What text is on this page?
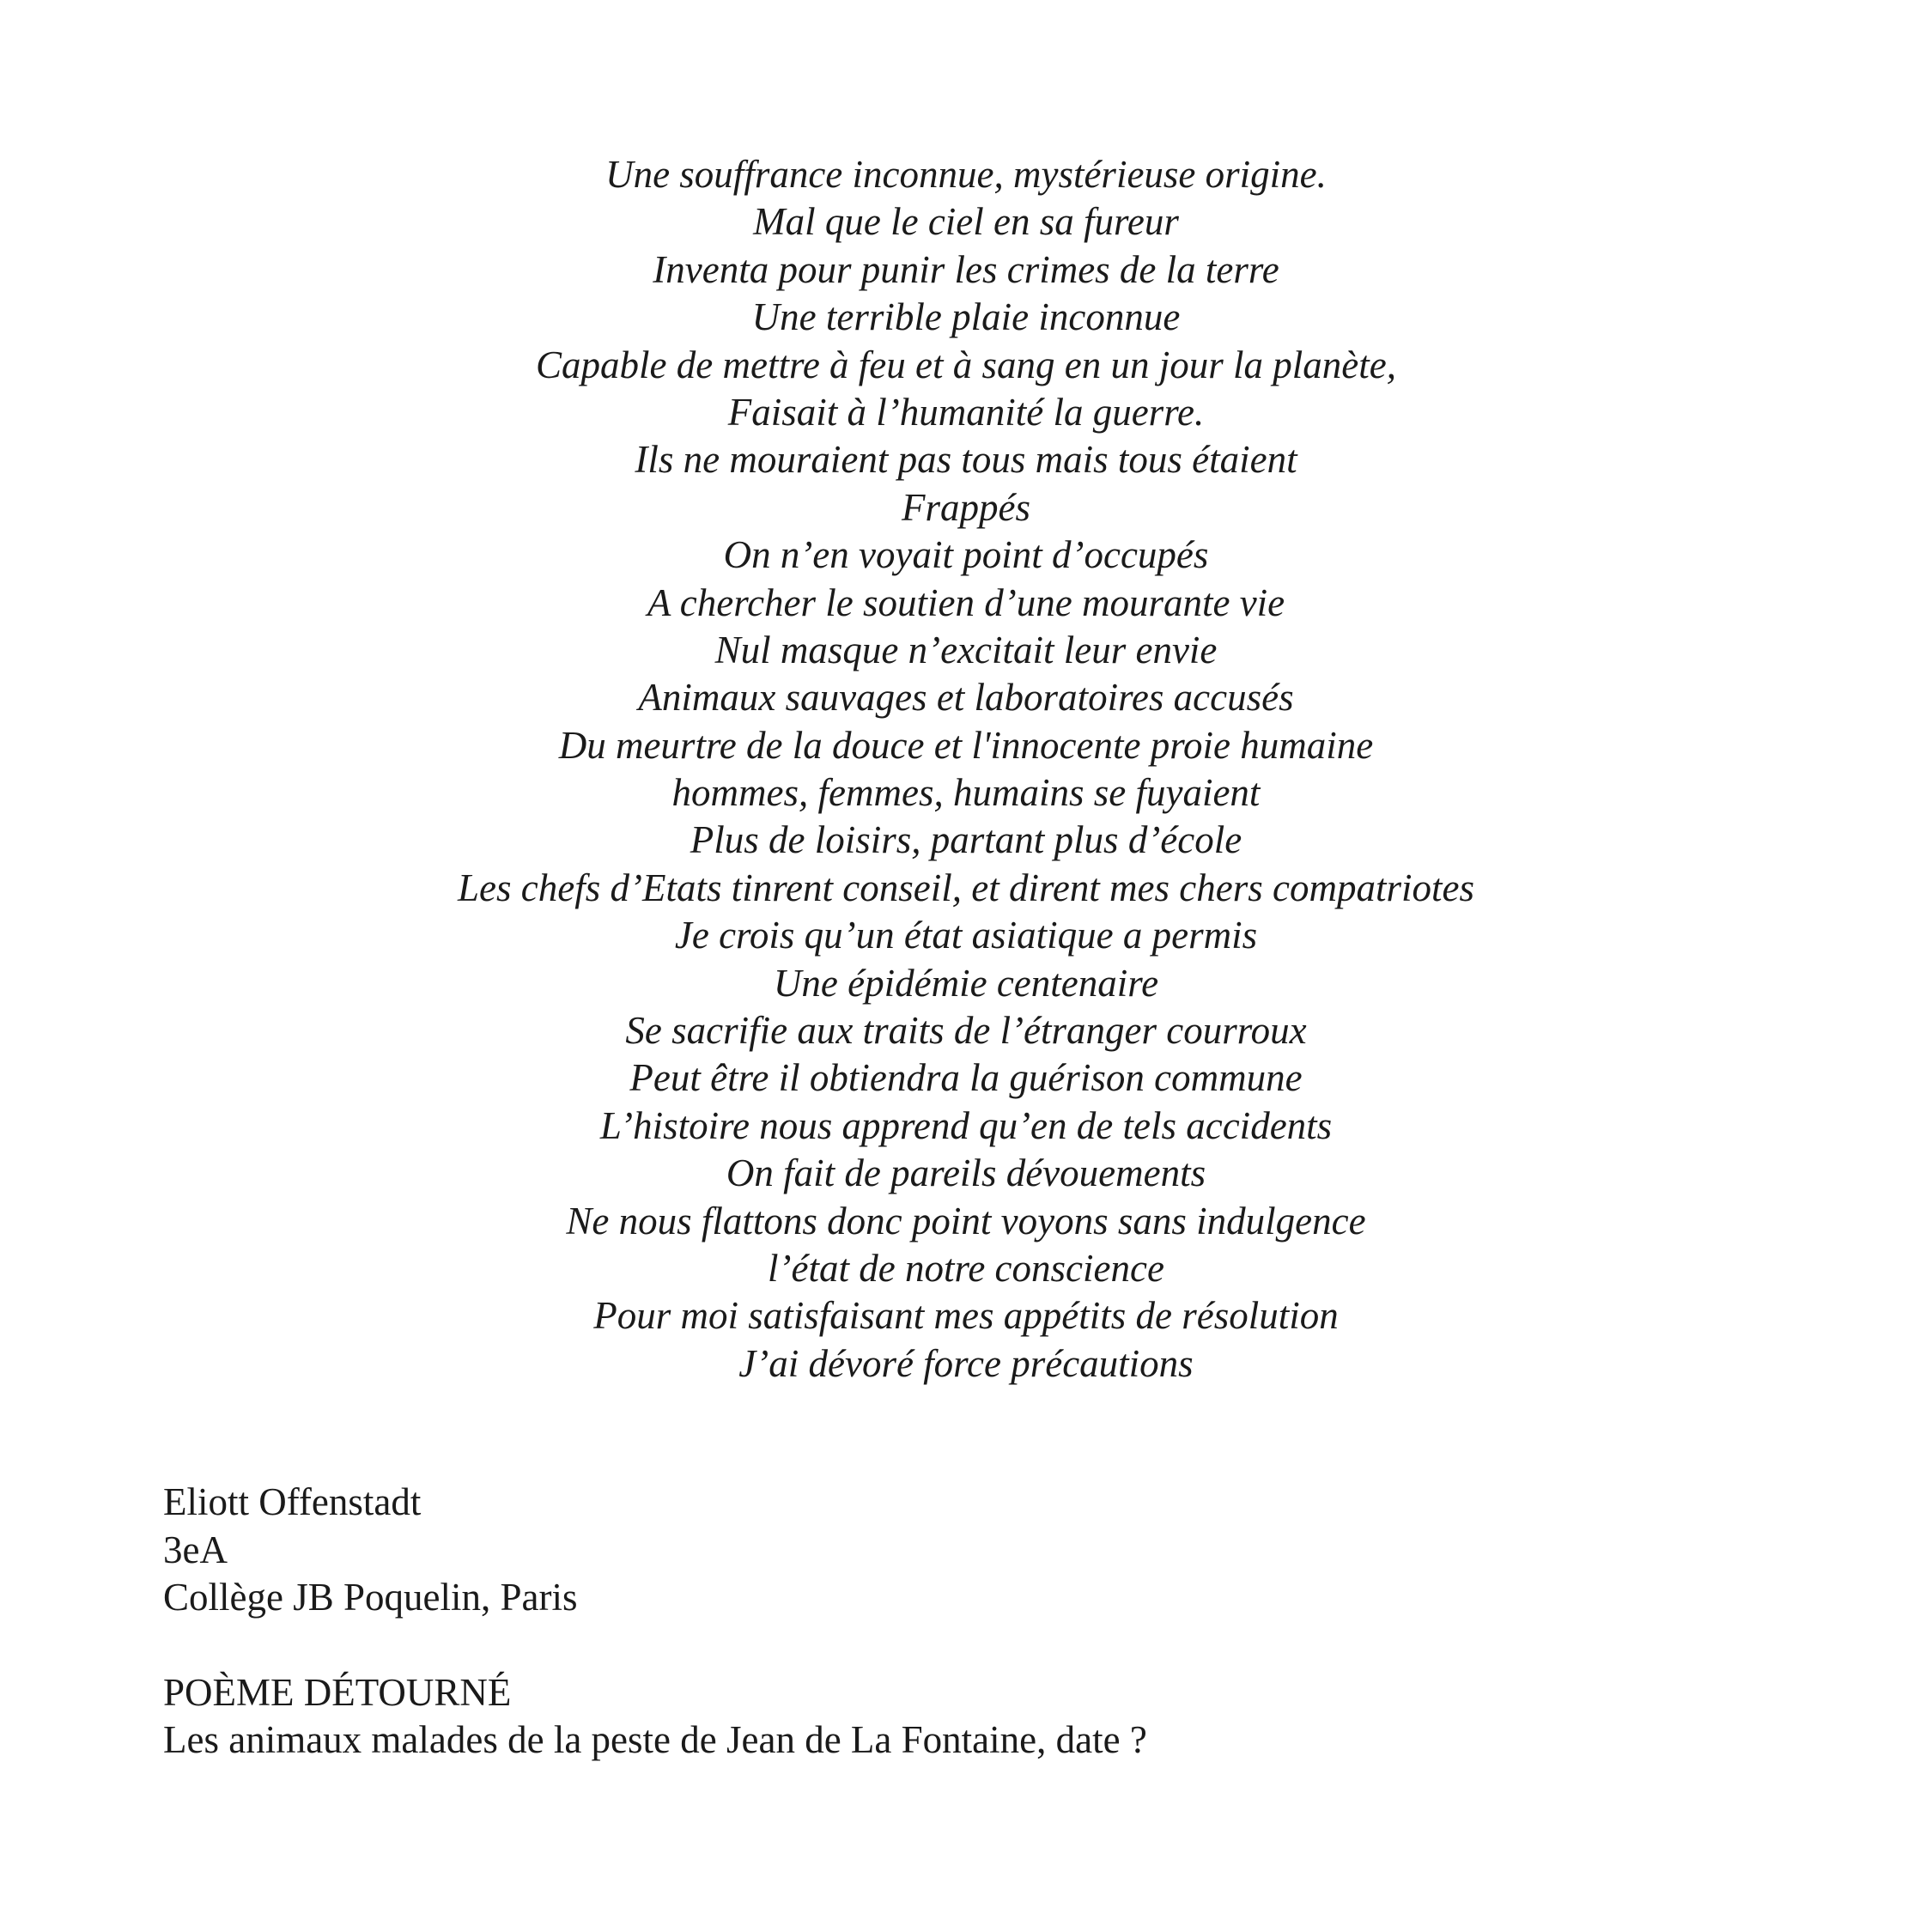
Une souffrance inconnue, mystérieuse origine.
Mal que le ciel en sa fureur
Inventa pour punir les crimes de la terre
Une terrible plaie inconnue
Capable de mettre à feu et à sang en un jour la planète,
Faisait à l’humanité la guerre.
Ils ne mouraient pas tous mais tous étaient
Frappés
On n’en voyait point d’occupés
A chercher le soutien d’une mourante vie
Nul masque n’excitait leur envie
Animaux sauvages et laboratoires accusés
Du meurtre de la douce et l'innocente proie humaine
hommes, femmes, humains se fuyaient
Plus de loisirs, partant plus d’école
Les chefs d’Etats tinrent conseil, et dirent mes chers compatriotes
Je crois qu’un état asiatique a permis
Une épidémie centenaire
Se sacrifie aux traits de l’étranger courroux
Peut être il obtiendra la guérison commune
L’histoire nous apprend qu’en de tels accidents
On fait de pareils dévouements
Ne nous flattons donc point voyons sans indulgence
l’état de notre conscience
Pour moi satisfaisant mes appétits de résolution
J’ai dévoré force précautions
Eliott Offenstadt
3eA
Collège JB Poquelin, Paris
POÈME DÉTOURNÉ
Les animaux malades de la peste de Jean de La Fontaine, date ?
